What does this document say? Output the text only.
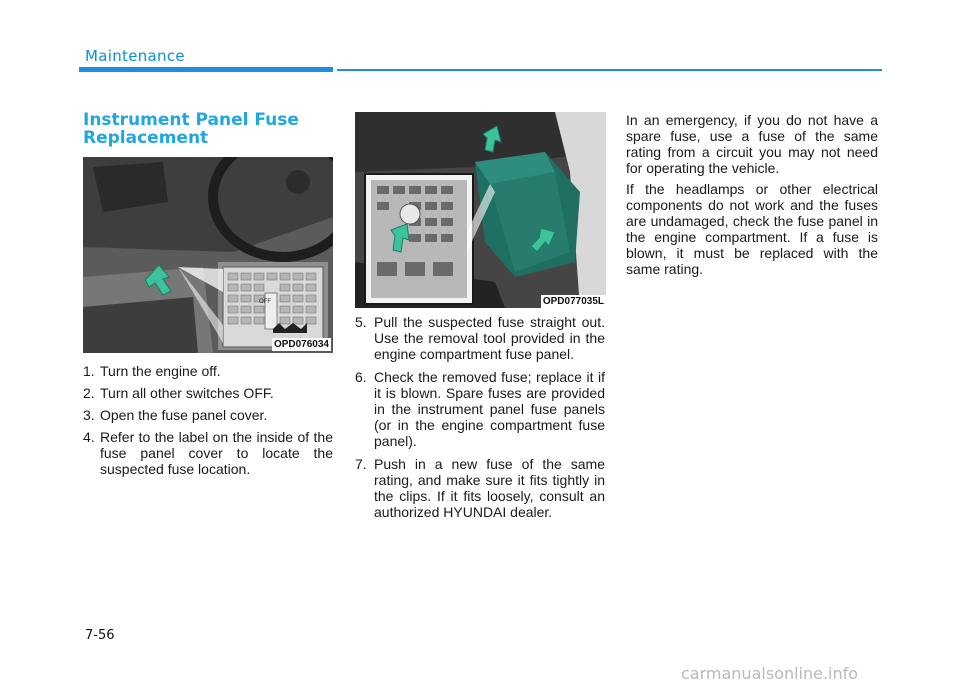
Maintenance
Instrument Panel Fuse Replacement
OFF
OPD076034
1. Turn the engine off.
2. Turn all other switches OFF.
3. Open the fuse panel cover.
4. Refer to the label on the inside of the fuse panel cover to locate the suspected fuse location.
OPD077035L
5. Pull the suspected fuse straight out. Use the removal tool provided in the engine compartment fuse panel.
6. Check the removed fuse; replace it if it is blown. Spare fuses are provided in the instrument panel fuse panels (or in the engine compartment fuse panel).
7. Push in a new fuse of the same rating, and make sure it fits tightly in the clips. If it fits loosely, consult an authorized HYUNDAI dealer.

In an emergency, if you do not have a spare fuse, use a fuse of the same rating from a circuit you may not need for operating the vehicle.

If the headlamps or other electrical components do not work and the fuses are undamaged, check the fuse panel in the engine compartment. If a fuse is blown, it must be replaced with the same rating.

7-56
carmanualsonline.info
